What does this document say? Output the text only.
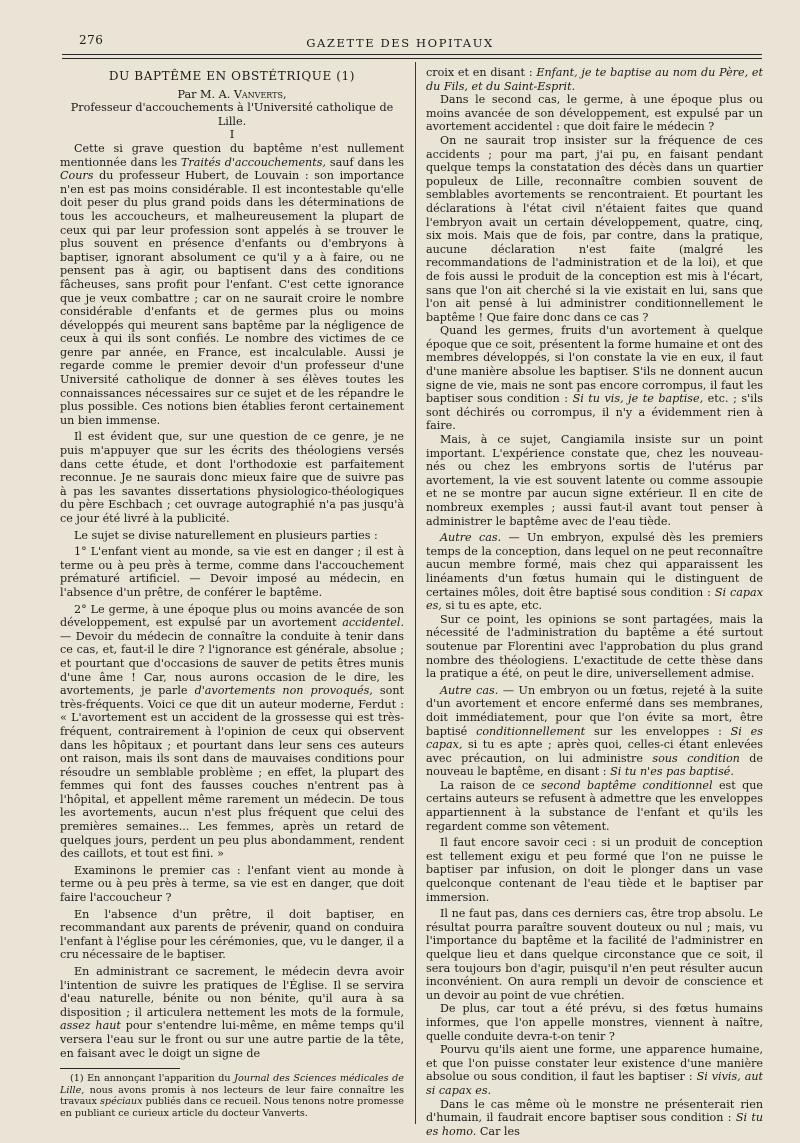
276	GAZETTE DES HOPITAUX
DU BAPTÊME EN OBSTÉTRIQUE (1)

Par M. A. Vanverts,

Professeur d'accouchements à l'Université catholique de Lille.

I

Cette si grave question du baptême n'est nullement mentionnée dans les Traités d'accouchements, sauf dans les Cours du professeur Hubert, de Louvain : son importance n'en est pas moins considérable. Il est incontestable qu'elle doit peser du plus grand poids dans les déterminations de tous les accoucheurs, et malheureusement la plupart de ceux qui par leur profession sont appelés à se trouver le plus souvent en présence d'enfants ou d'embryons à baptiser, ignorant absolument ce qu'il y a à faire, ou ne pensent pas à agir, ou baptisent dans des conditions fâcheuses, sans profit pour l'enfant. C'est cette ignorance que je veux combattre ; car on ne saurait croire le nombre considérable d'enfants et de germes plus ou moins développés qui meurent sans baptême par la négligence de ceux à qui ils sont confiés. Le nombre des victimes de ce genre par année, en France, est incalculable. Aussi je regarde comme le premier devoir d'un professeur d'une Université catholique de donner à ses élèves toutes les connaissances nécessaires sur ce sujet et de les répandre le plus possible. Ces notions bien établies feront certainement un bien immense.

Il est évident que, sur une question de ce genre, je ne puis m'appuyer que sur les écrits des théologiens versés dans cette étude, et dont l'orthodoxie est parfaitement reconnue. Je ne saurais donc mieux faire que de suivre pas à pas les savantes dissertations physiologico-théologiques du père Eschbach ; cet ouvrage autographié n'a pas jusqu'à ce jour été livré à la publicité.

Le sujet se divise naturellement en plusieurs parties :

1° L'enfant vient au monde, sa vie est en danger ; il est à terme ou à peu près à terme, comme dans l'accouchement prématuré artificiel. — Devoir imposé au médecin, en l'absence d'un prêtre, de conférer le baptême.

2° Le germe, à une époque plus ou moins avancée de son développement, est expulsé par un avortement accidentel. — Devoir du médecin de connaître la conduite à tenir dans ce cas, et, faut-il le dire ? l'ignorance est générale, absolue ; et pourtant que d'occasions de sauver de petits êtres munis d'une âme ! Car, nous aurons occasion de le dire, les avortements, je parle d'avortements non provoqués, sont très-fréquents. Voici ce que dit un auteur moderne, Ferdut : « L'avortement est un accident de la grossesse qui est très-fréquent, contrairement à l'opinion de ceux qui observent dans les hôpitaux ; et pourtant dans leur sens ces auteurs ont raison, mais ils sont dans de mauvaises conditions pour résoudre un semblable problème ; en effet, la plupart des femmes qui font des fausses couches n'entrent pas à l'hôpital, et appellent même rarement un médecin. De tous les avortements, aucun n'est plus fréquent que celui des premières semaines... Les femmes, après un retard de quelques jours, perdent un peu plus abondamment, rendent des caillots, et tout est fini. »

Examinons le premier cas : l'enfant vient au monde à terme ou à peu près à terme, sa vie est en danger, que doit faire l'accoucheur ?

En l'absence d'un prêtre, il doit baptiser, en recommandant aux parents de prévenir, quand on conduira l'enfant à l'église pour les cérémonies, que, vu le danger, il a cru nécessaire de le baptiser.

En administrant ce sacrement, le médecin devra avoir l'intention de suivre les pratiques de l'Église. Il se servira d'eau naturelle, bénite ou non bénite, qu'il aura à sa disposition ; il articulera nettement les mots de la formule, assez haut pour s'entendre lui-même, en même temps qu'il versera l'eau sur le front ou sur une autre partie de la tête, en faisant avec le doigt un signe de

(1) En annonçant l'apparition du Journal des Sciences médicales de Lille, nous avons promis à nos lecteurs de leur faire connaître les travaux spéciaux publiés dans ce recueil. Nous tenons notre promesse en publiant ce curieux article du docteur Vanverts.

croix et en disant : Enfant, je te baptise au nom du Père, et du Fils, et du Saint-Esprit.

Dans le second cas, le germe, à une époque plus ou moins avancée de son développement, est expulsé par un avortement accidentel : que doit faire le médecin ?

On ne saurait trop insister sur la fréquence de ces accidents ; pour ma part, j'ai pu, en faisant pendant quelque temps la constatation des décès dans un quartier populeux de Lille, reconnaître combien souvent de semblables avortements se rencontraient. Et pourtant les déclarations à l'état civil n'étaient faites que quand l'embryon avait un certain développement, quatre, cinq, six mois. Mais que de fois, par contre, dans la pratique, aucune déclaration n'est faite (malgré les recommandations de l'administration et de la loi), et que de fois aussi le produit de la conception est mis à l'écart, sans que l'on ait cherché si la vie existait en lui, sans que l'on ait pensé à lui administrer conditionnellement le baptême ! Que faire donc dans ce cas ?

Quand les germes, fruits d'un avortement à quelque époque que ce soit, présentent la forme humaine et ont des membres développés, si l'on constate la vie en eux, il faut d'une manière absolue les baptiser. S'ils ne donnent aucun signe de vie, mais ne sont pas encore corrompus, il faut les baptiser sous condition : Si tu vis, je te baptise, etc. ; s'ils sont déchirés ou corrompus, il n'y a évidemment rien à faire.

Mais, à ce sujet, Cangiamila insiste sur un point important. L'expérience constate que, chez les nouveau-nés ou chez les embryons sortis de l'utérus par avortement, la vie est souvent latente ou comme assoupie et ne se montre par aucun signe extérieur. Il en cite de nombreux exemples ; aussi faut-il avant tout penser à administrer le baptême avec de l'eau tiède.

Autre cas. — Un embryon, expulsé dès les premiers temps de la conception, dans lequel on ne peut reconnaître aucun membre formé, mais chez qui apparaissent les linéaments d'un fœtus humain qui le distinguent de certaines môles, doit être baptisé sous condition : Si capax es, si tu es apte, etc.

Sur ce point, les opinions se sont partagées, mais la nécessité de l'administration du baptême a été surtout soutenue par Florentini avec l'approbation du plus grand nombre des théologiens. L'exactitude de cette thèse dans la pratique a été, on peut le dire, universellement admise.

Autre cas. — Un embryon ou un fœtus, rejeté à la suite d'un avortement et encore enfermé dans ses membranes, doit immédiatement, pour que l'on évite sa mort, être baptisé conditionnellement sur les enveloppes : Si es capax, si tu es apte ; après quoi, celles-ci étant enlevées avec précaution, on lui administre sous condition de nouveau le baptême, en disant : Si tu n'es pas baptisé.

La raison de ce second baptême conditionnel est que certains auteurs se refusent à admettre que les enveloppes appartiennent à la substance de l'enfant et qu'ils les regardent comme son vêtement.

Il faut encore savoir ceci : si un produit de conception est tellement exigu et peu formé que l'on ne puisse le baptiser par infusion, on doit le plonger dans un vase quelconque contenant de l'eau tiède et le baptiser par immersion.

Il ne faut pas, dans ces derniers cas, être trop absolu. Le résultat pourra paraître souvent douteux ou nul ; mais, vu l'importance du baptême et la facilité de l'administrer en quelque lieu et dans quelque circonstance que ce soit, il sera toujours bon d'agir, puisqu'il n'en peut résulter aucun inconvénient. On aura rempli un devoir de conscience et un devoir au point de vue chrétien.

De plus, car tout a été prévu, si des fœtus humains informes, que l'on appelle monstres, viennent à naître, quelle conduite devra-t-on tenir ?

Pourvu qu'ils aient une forme, une apparence humaine, et que l'on puisse constater leur existence d'une manière absolue ou sous condition, il faut les baptiser : Si vivis, aut si capax es.

Dans le cas même où le monstre ne présenterait rien d'humain, il faudrait encore baptiser sous condition : Si tu es homo. Car les
